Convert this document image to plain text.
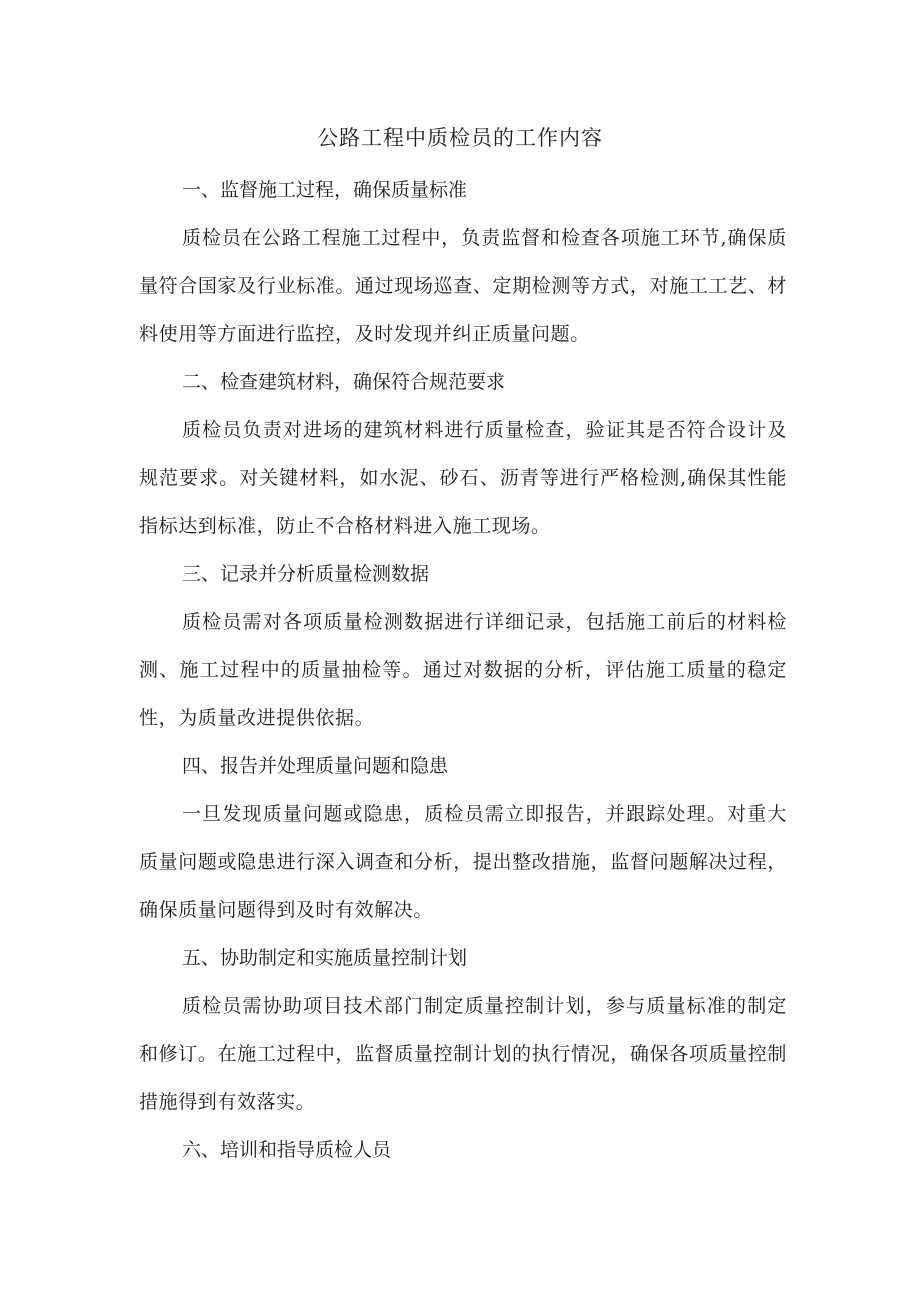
公路工程中质检员的工作内容

一、监督施工过程，确保质量标准

质检员在公路工程施工过程中，负责监督和检查各项施工环节,确保质量符合国家及行业标准。通过现场巡查、定期检测等方式，对施工工艺、材料使用等方面进行监控，及时发现并纠正质量问题。

二、检查建筑材料，确保符合规范要求

质检员负责对进场的建筑材料进行质量检查，验证其是否符合设计及规范要求。对关键材料，如水泥、砂石、沥青等进行严格检测,确保其性能指标达到标准，防止不合格材料进入施工现场。

三、记录并分析质量检测数据

质检员需对各项质量检测数据进行详细记录，包括施工前后的材料检测、施工过程中的质量抽检等。通过对数据的分析，评估施工质量的稳定性，为质量改进提供依据。

四、报告并处理质量问题和隐患

一旦发现质量问题或隐患，质检员需立即报告，并跟踪处理。对重大质量问题或隐患进行深入调查和分析，提出整改措施，监督问题解决过程，确保质量问题得到及时有效解决。

五、协助制定和实施质量控制计划

质检员需协助项目技术部门制定质量控制计划，参与质量标准的制定和修订。在施工过程中，监督质量控制计划的执行情况，确保各项质量控制措施得到有效落实。

六、培训和指导质检人员
